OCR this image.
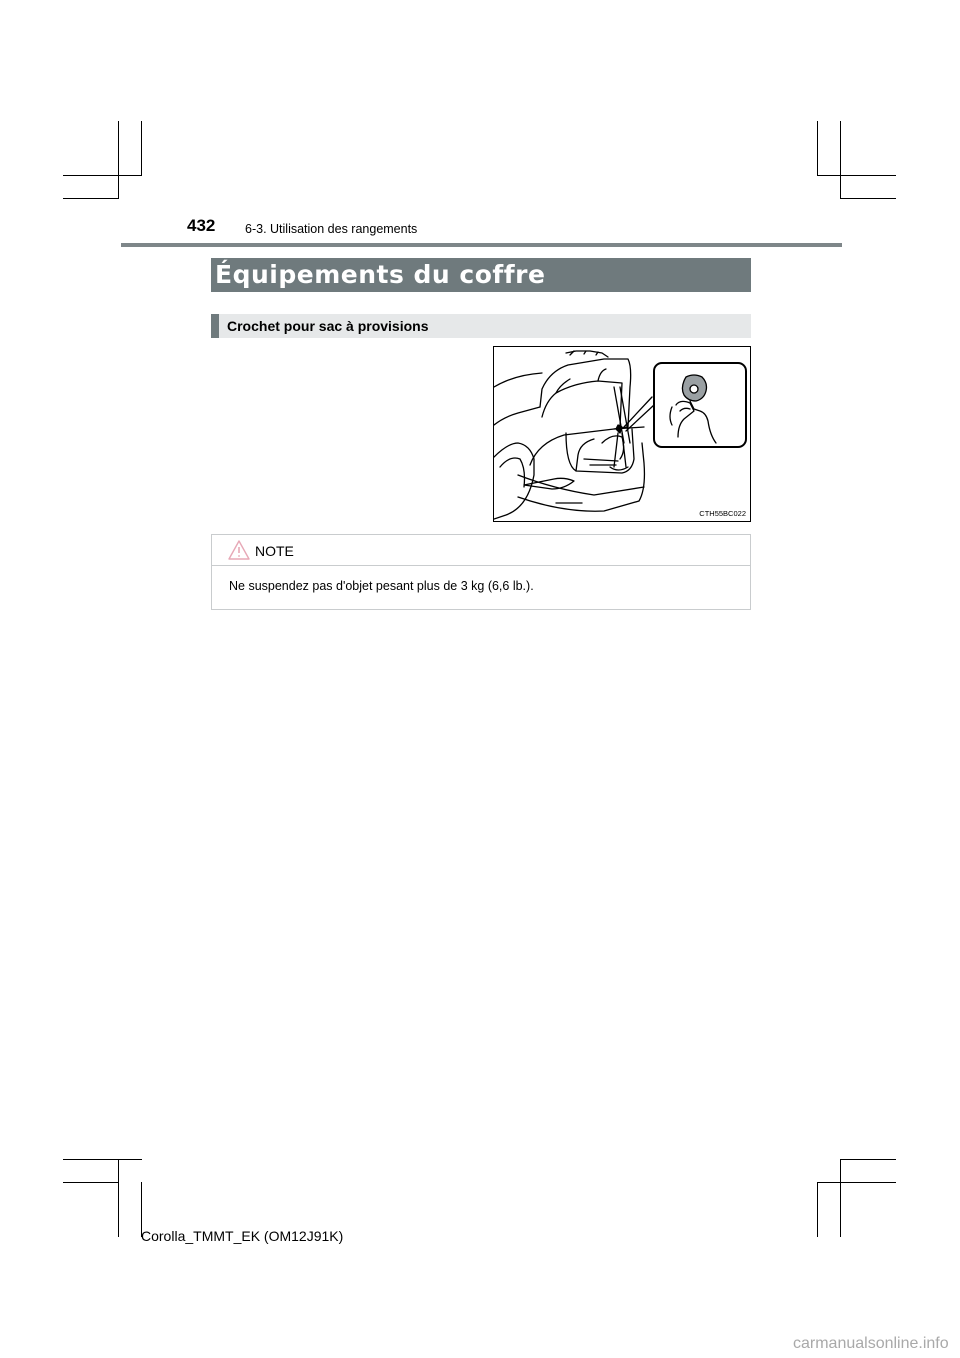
432 6-3. Utilisation des rangements
Équipements du coffre
Crochet pour sac à provisions
CTH55BC022
NOTE
Ne suspendez pas d'objet pesant plus de 3 kg (6,6 lb.).
Corolla_TMMT_EK (OM12J91K)
carmanualsonline.info
